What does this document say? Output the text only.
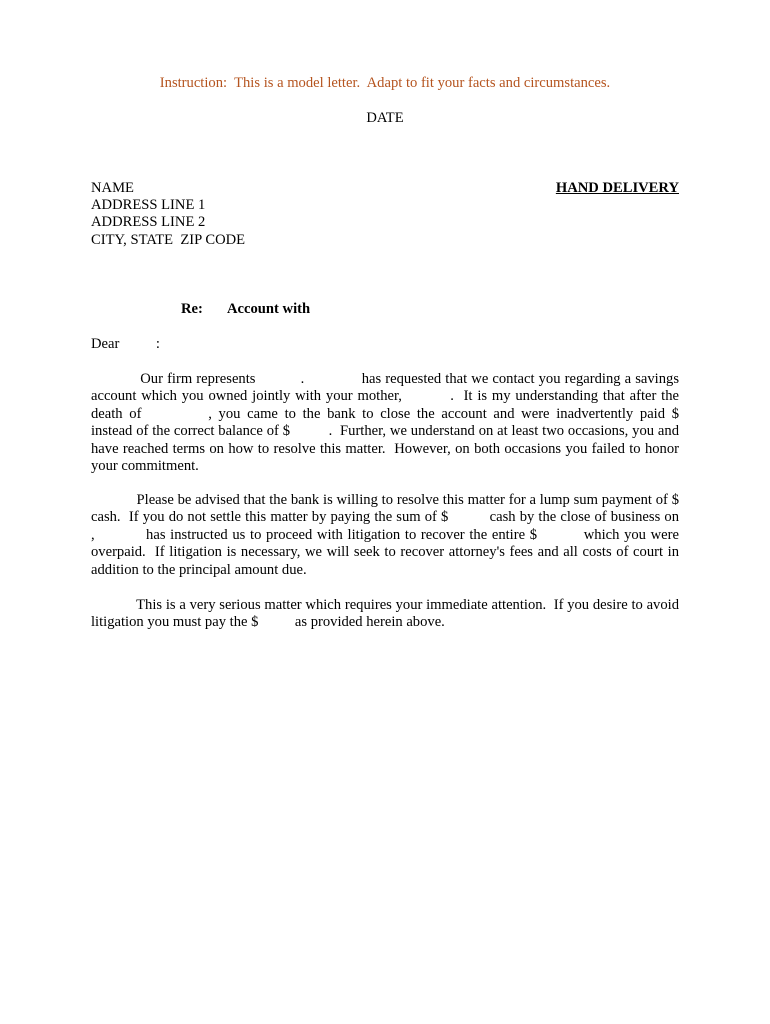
Instruction:  This is a model letter.  Adapt to fit your facts and circumstances.
DATE
NAME	HAND DELIVERY
ADDRESS LINE 1
ADDRESS LINE 2
CITY, STATE  ZIP CODE
Re: Account with
Dear          :
Our firm represents           .              has requested that we contact you regarding a savings account which you owned jointly with your mother,          .  It is my understanding that after the death of          , you came to the bank to close the account and were inadvertently paid $          instead of the correct balance of $          .  Further, we understand on at least two occasions, you and           have reached terms on how to resolve this matter.  However, on both occasions you failed to honor your commitment.
Please be advised that the bank is willing to resolve this matter for a lump sum payment of $          cash.  If you do not settle this matter by paying the sum of $          cash by the close of business on          ,           has instructed us to proceed with litigation to recover the entire $          which you were overpaid.  If litigation is necessary, we will seek to recover attorney's fees and all costs of court in addition to the principal amount due.
This is a very serious matter which requires your immediate attention.  If you desire to avoid litigation you must pay the $          as provided herein above.
